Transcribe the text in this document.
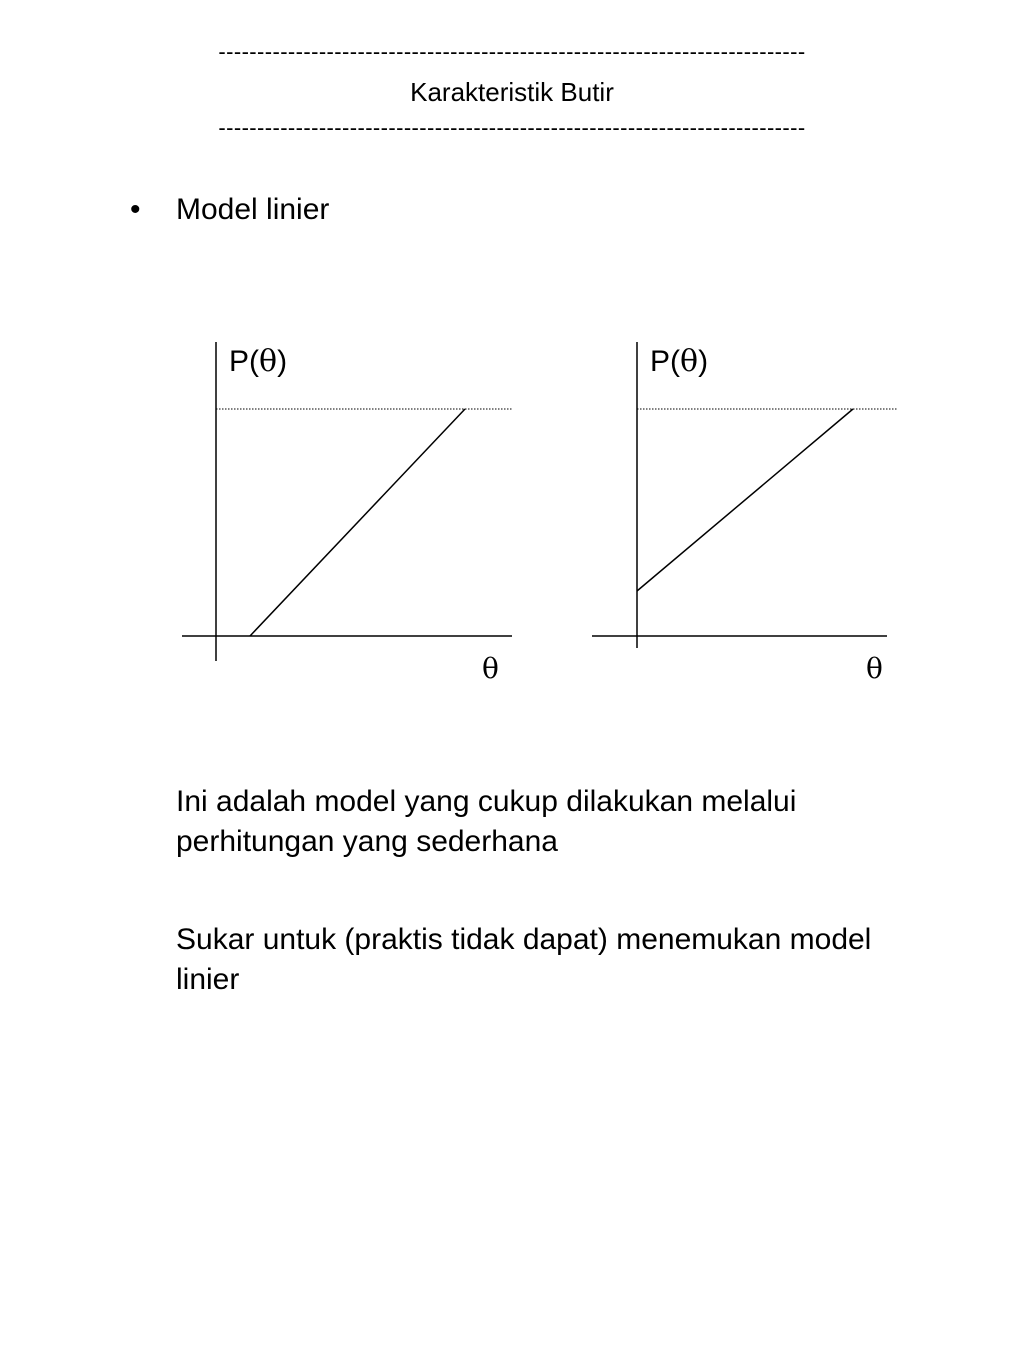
----------------------------------------------------------------------------
Karakteristik Butir
----------------------------------------------------------------------------
• Model linier
P(θ)
θ
P(θ)
θ
Ini adalah model yang cukup dilakukan melalui perhitungan yang sederhana
Sukar untuk (praktis tidak dapat) menemukan model linier
